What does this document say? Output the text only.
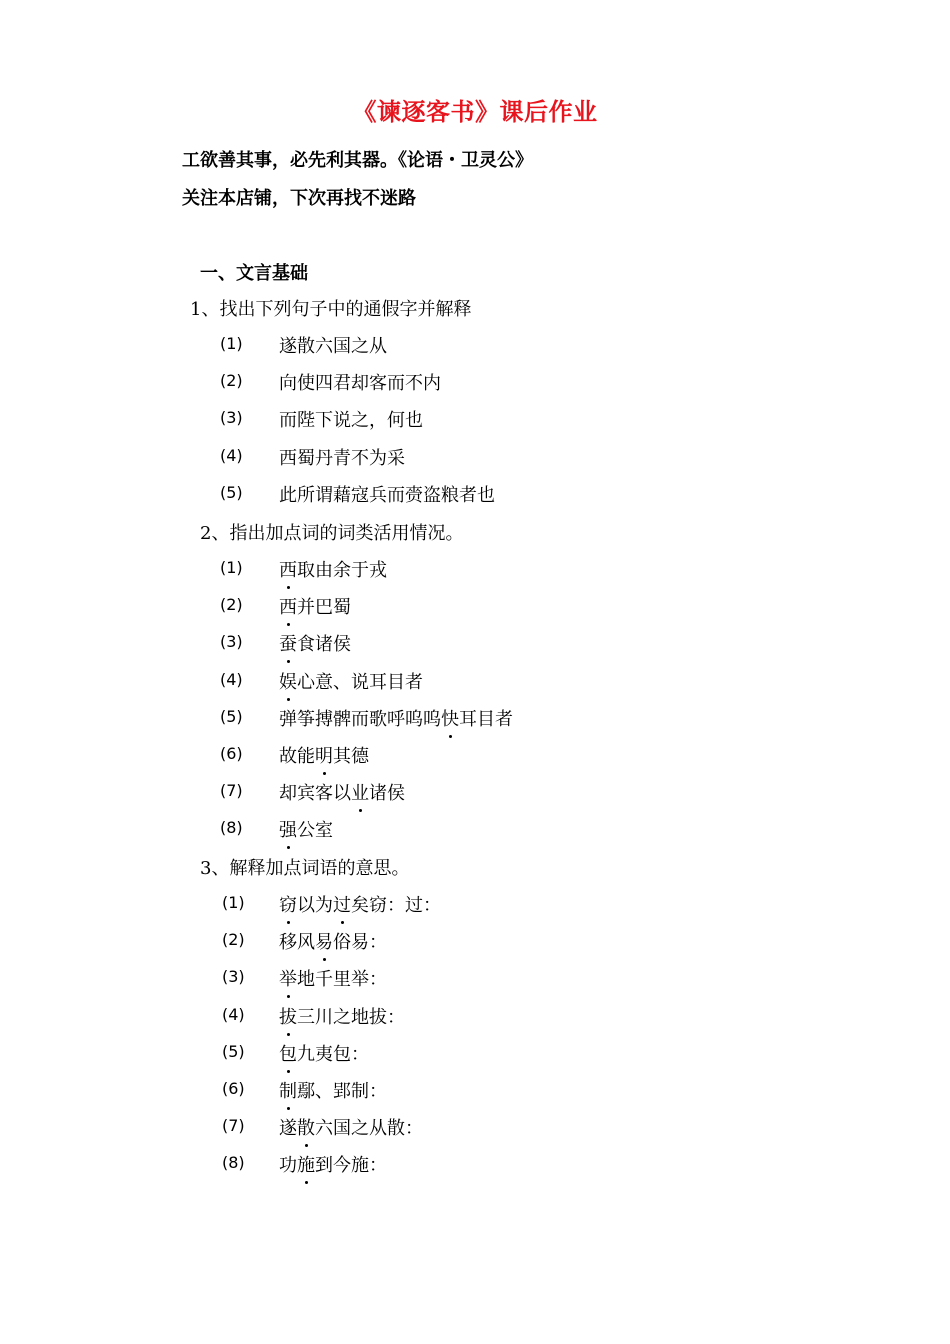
《谏逐客书》课后作业
工欲善其事，必先利其器。《论语・卫灵公》
关注本店铺，下次再找不迷路
一、文言基础
1、找出下列句子中的通假字并解释
(1) 遂散六国之从
(2) 向使四君却客而不内
(3) 而陛下说之，何也
(4) 西蜀丹青不为采
(5) 此所谓藉寇兵而赍盗粮者也
2、指出加点词的词类活用情况。
(1) 西取由余于戎
(2) 西并巴蜀
(3) 蚕食诸侯
(4) 娱心意、说耳目者
(5) 弹筝搏髀而歌呼呜呜快耳目者
(6) 故能明其德
(7) 却宾客以业诸侯
(8) 强公室
3、解释加点词语的意思。
(1) 窃以为过矣窃：过：
(2) 移风易俗易：
(3) 举地千里举：
(4) 拔三川之地拔：
(5) 包九夷包：
(6) 制鄢、郢制：
(7) 遂散六国之从散：
(8) 功施到今施：
